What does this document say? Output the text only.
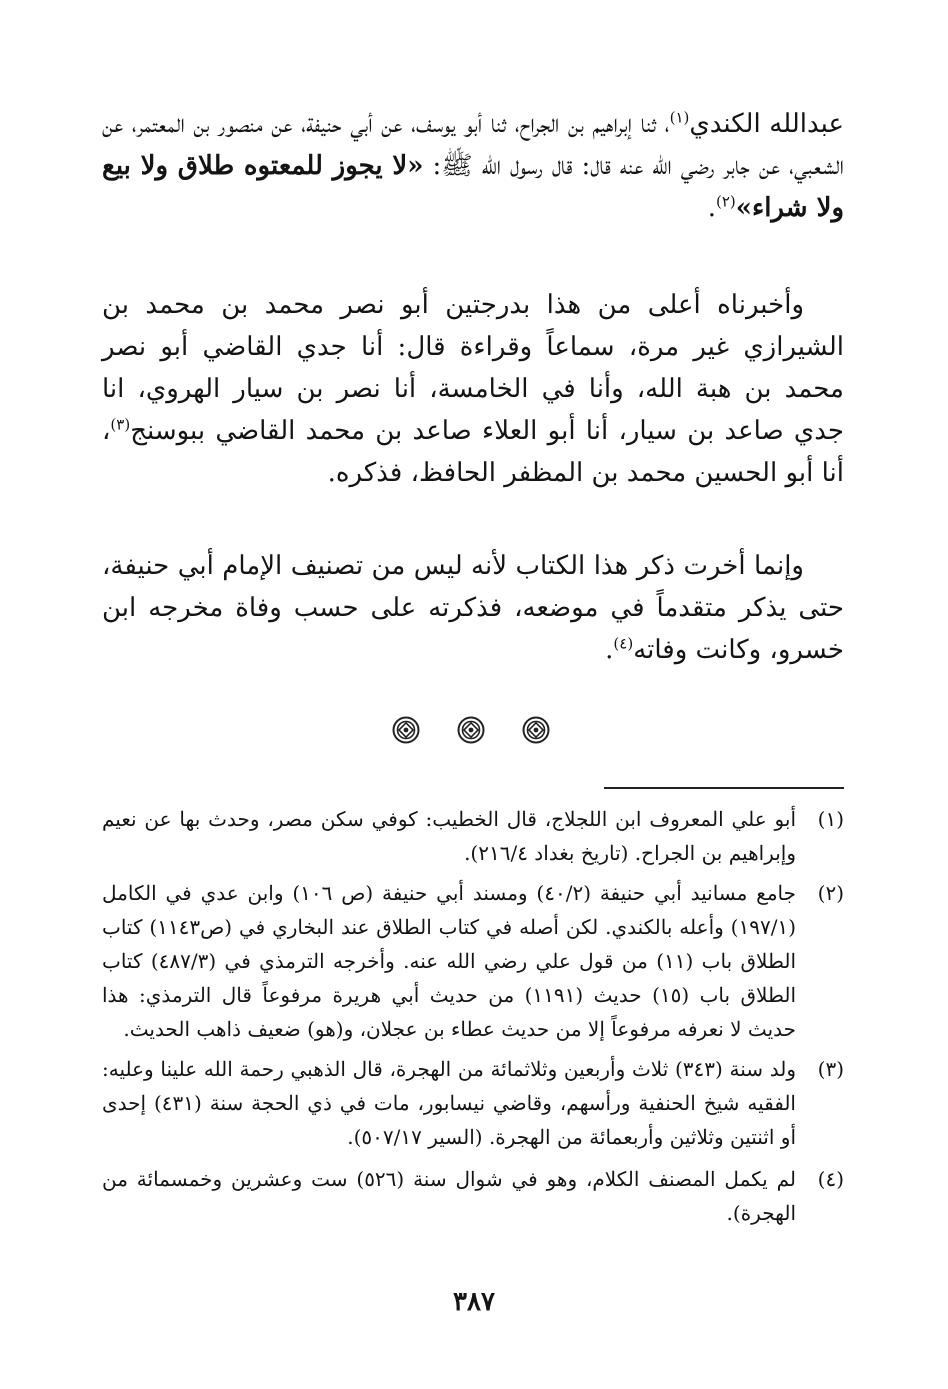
عبدالله الكندي$^{(١)}$، ثنا إبراهيم بن الجراح، ثنا أبو يوسف، عن أبي حنيفة، عن منصور بن المعتمر، عن الشعبي، عن جابر رضي الله عنه قال: قال رسول الله ﷺ: «لا يجوز للمعتوه طلاق ولا بيع ولا شراء»$^{(٢)}$.

وأخبرناه أعلى من هذا بدرجتين أبو نصر محمد بن محمد بن الشيرازي غير مرة، سماعاً وقراءة قال: أنا جدي القاضي أبو نصر محمد بن هبة الله، وأنا في الخامسة، أنا نصر بن سيار الهروي، انا جدي صاعد بن سيار، أنا أبو العلاء صاعد بن محمد القاضي ببوسنج$^{(٣)}$، أنا أبو الحسين محمد بن المظفر الحافظ، فذكره.

وإنما أخرت ذكر هذا الكتاب لأنه ليس من تصنيف الإمام أبي حنيفة، حتى يذكر متقدماً في موضعه، فذكرته على حسب وفاة مخرجه ابن خسرو، وكانت وفاته$^{(٤)}$.

(١)
أبو علي المعروف ابن اللجلاج، قال الخطيب: كوفي سكن مصر، وحدث بها عن نعيم وإبراهيم بن الجراح. (تاريخ بغداد ٢١٦/٤).
(٢)
جامع مسانيد أبي حنيفة (٤٠/٢) ومسند أبي حنيفة (ص ١٠٦) وابن عدي في الكامل (١٩٧/١) وأعله بالكندي. لكن أصله في كتاب الطلاق عند البخاري في (ص١١٤٣) كتاب الطلاق باب (١١) من قول علي رضي الله عنه. وأخرجه الترمذي في (٤٨٧/٣) كتاب الطلاق باب (١٥) حديث (١١٩١) من حديث أبي هريرة مرفوعاً قال الترمذي: هذا حديث لا نعرفه مرفوعاً إلا من حديث عطاء بن عجلان، و(هو) ضعيف ذاهب الحديث.
(٣)
ولد سنة (٣٤٣) ثلاث وأربعين وثلاثمائة من الهجرة، قال الذهبي رحمة الله علينا وعليه: الفقيه شيخ الحنفية ورأسهم، وقاضي نيسابور، مات في ذي الحجة سنة (٤٣١) إحدى أو اثنتين وثلاثين وأربعمائة من الهجرة. (السير ٥٠٧/١٧).
(٤)
لم يكمل المصنف الكلام، وهو في شوال سنة (٥٢٦) ست وعشرين وخمسمائة من الهجرة).
٣٨٧
